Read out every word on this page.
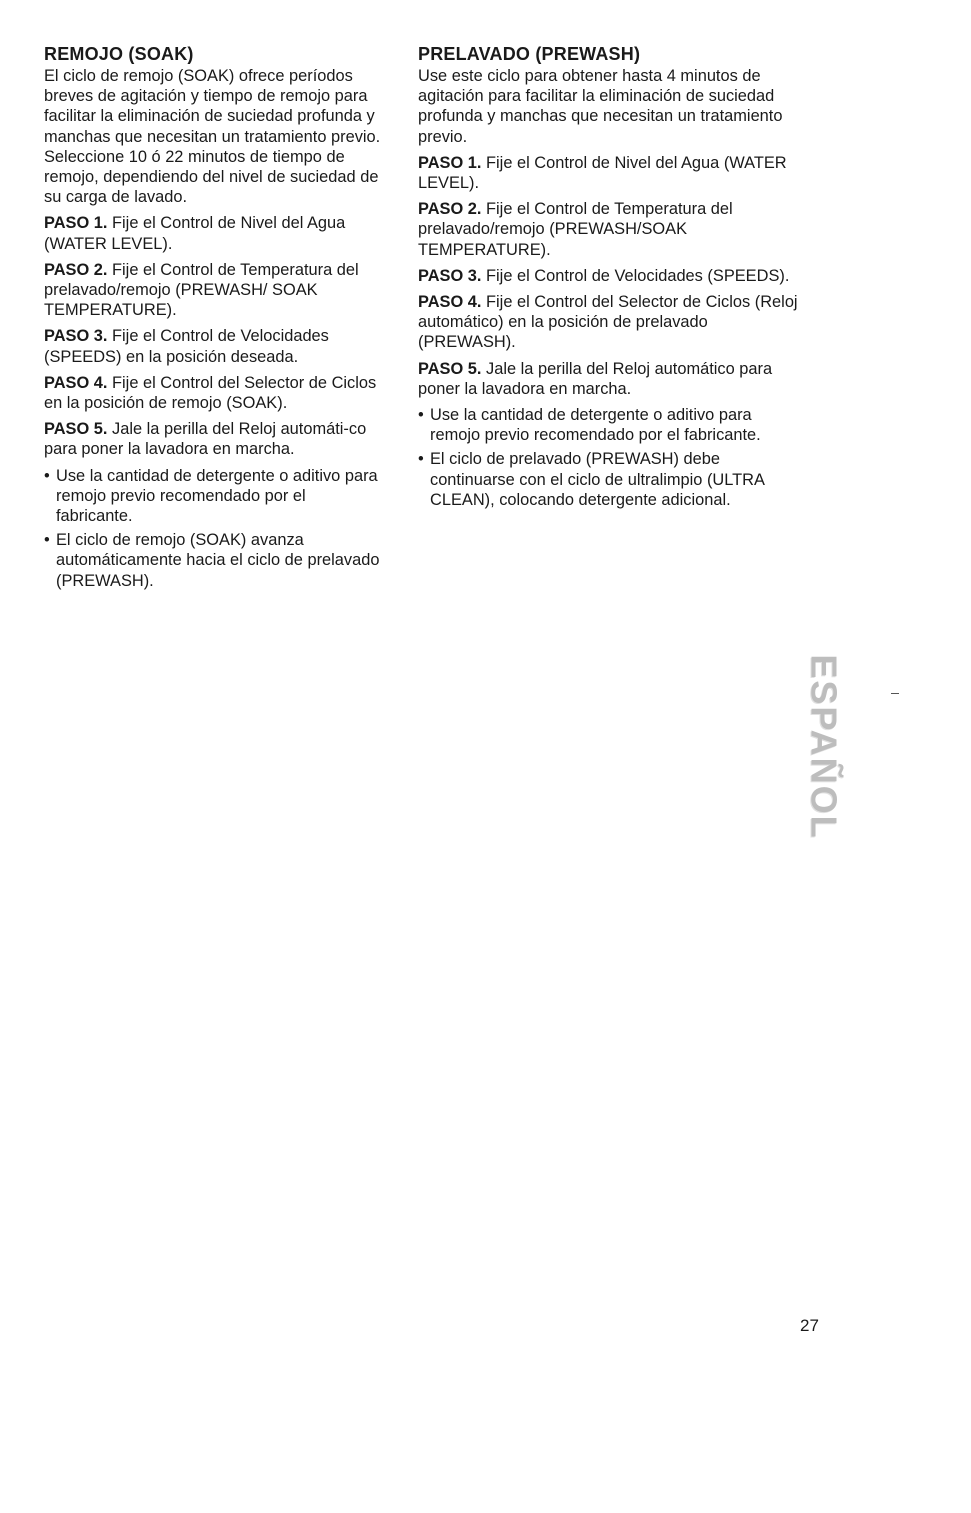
REMOJO (SOAK)

El ciclo de remojo (SOAK) ofrece períodos breves de agitación y tiempo de remojo para facilitar la eliminación de suciedad profunda y manchas que necesitan un tratamiento previo. Seleccione 10 ó 22 minutos de tiempo de remojo, dependiendo del nivel de suciedad de su carga de lavado.

PASO 1. Fije el Control de Nivel del Agua (WATER LEVEL).

PASO 2. Fije el Control de Temperatura del prelavado/remojo (PREWASH/ SOAK TEMPERATURE).

PASO 3. Fije el Control de Velocidades (SPEEDS) en la posición deseada.

PASO 4. Fije el Control del Selector de Ciclos en la posición de remojo (SOAK).

PASO 5. Jale la perilla del Reloj automáti-co para poner la lavadora en marcha.

• Use la cantidad de detergente o aditivo para remojo previo recomendado por el fabricante.
• El ciclo de remojo (SOAK) avanza automáticamente hacia el ciclo de prelavado (PREWASH).
PRELAVADO (PREWASH)

Use este ciclo para obtener hasta 4 minutos de agitación para facilitar la eliminación de suciedad profunda y manchas que necesitan un tratamiento previo.

PASO 1. Fije el Control de Nivel del Agua (WATER LEVEL).

PASO 2. Fije el Control de Temperatura del prelavado/remojo (PREWASH/SOAK TEMPERATURE).

PASO 3. Fije el Control de Velocidades (SPEEDS).

PASO 4. Fije el Control del Selector de Ciclos (Reloj automático) en la posición de prelavado (PREWASH).

PASO 5. Jale la perilla del Reloj automático para poner la lavadora en marcha.

• Use la cantidad de detergente o aditivo para remojo previo recomendado por el fabricante.
• El ciclo de prelavado (PREWASH) debe continuarse con el ciclo de ultralimpio (ULTRA CLEAN), colocando detergente adicional.
ESPAÑOL
27
